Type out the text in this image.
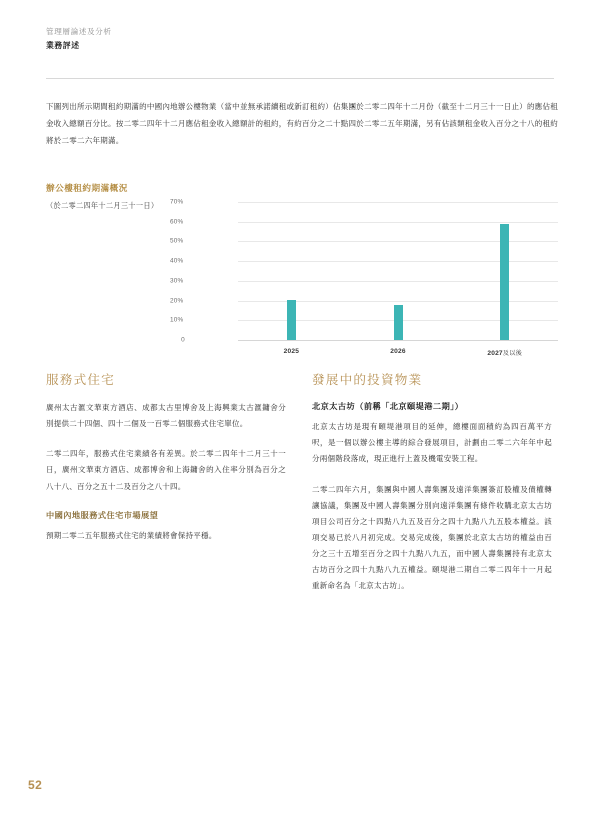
管理層論述及分析
業務評述
下圖列出所示期間租約期滿的中國內地辦公樓物業（當中並無承諾續租或新訂租約）佔集團於二零二四年十二月份（截至十二月三十一日止）的應佔租金收入總額百分比。按二零二四年十二月應佔租金收入總額計的租約，有約百分之二十點四於二零二五年期滿，另有佔該類租金收入百分之十八的租約將於二零二六年期滿。
辦公樓租約期滿概況
（於二零二四年十二月三十一日）
2025	2026	2027及以後
0
10%
20%
30%
40%
50%
60%
70%
服務式住宅

廣州太古滙文華東方酒店、成都太古里博舍及上海興業太古滙鏞舍分別提供二十四個、四十二個及一百零二個服務式住宅單位。

二零二四年，服務式住宅業績各有差異。於二零二四年十二月三十一日，廣州文華東方酒店、成都博舍和上海鏞舍的入住率分別為百分之八十八、百分之五十二及百分之八十四。

中國內地服務式住宅市場展望

預期二零二五年服務式住宅的業績將會保持平穩。

發展中的投資物業
北京太古坊（前稱「北京頤堤港二期」）

北京太古坊是現有頤堤港項目的延伸，總樓面面積約為四百萬平方呎，是一個以辦公樓主導的綜合發展項目，計劃由二零二六年年中起分兩個階段落成，現正進行上蓋及機電安裝工程。

二零二四年六月，集團與中國人壽集團及遠洋集團簽訂股權及債權轉讓協議，集團及中國人壽集團分別向遠洋集團有條件收購北京太古坊項目公司百分之十四點八九五及百分之四十九點八九五股本權益。該項交易已於八月初完成。交易完成後，集團於北京太古坊的權益由百分之三十五增至百分之四十九點八九五，而中國人壽集團持有北京太古坊百分之四十九點八九五權益。頤堤港二期自二零二四年十一月起重新命名為「北京太古坊」。

52
